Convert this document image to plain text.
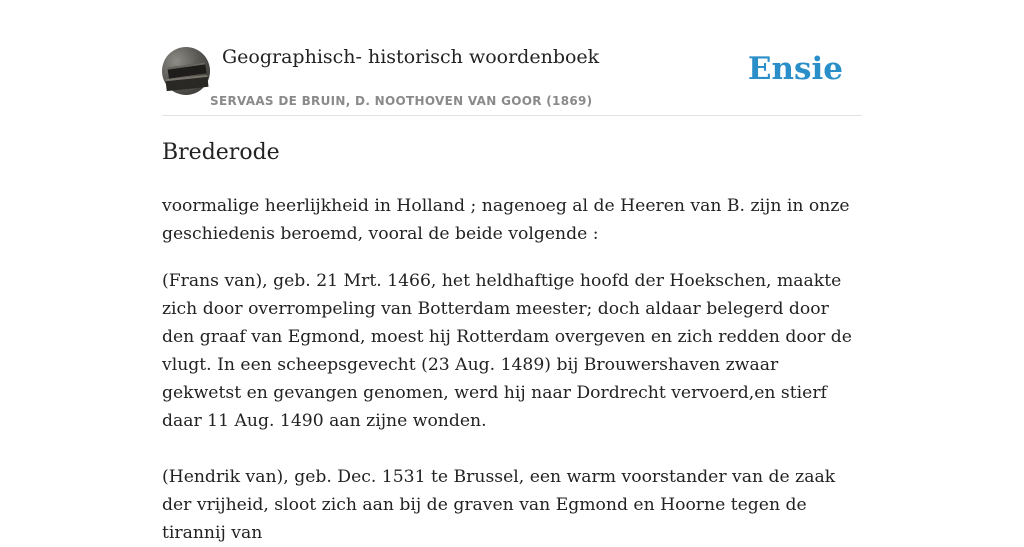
Geographisch- historisch woordenboek
SERVAAS DE BRUIN, D. NOOTHOVEN VAN GOOR (1869)
Ensie
Brederode

voormalige heerlijkheid in Holland ; nagenoeg al de Heeren van B. zijn in onze geschiedenis beroemd, vooral de beide volgende :

(Frans van), geb. 21 Mrt. 1466, het heldhaftige hoofd der Hoekschen, maakte zich door overrompeling van Botterdam meester; doch aldaar belegerd door den graaf van Egmond, moest hij Rotterdam overgeven en zich redden door de vlugt. In een scheepsgevecht (23 Aug. 1489) bij Brouwershaven zwaar gekwetst en gevangen genomen, werd hij naar Dordrecht vervoerd,en stierf daar 11 Aug. 1490 aan zijne wonden.

(Hendrik van), geb. Dec. 1531 te Brussel, een warm voorstander van de zaak der vrijheid, sloot zich aan bij de graven van Egmond en Hoorne tegen de tirannij van
